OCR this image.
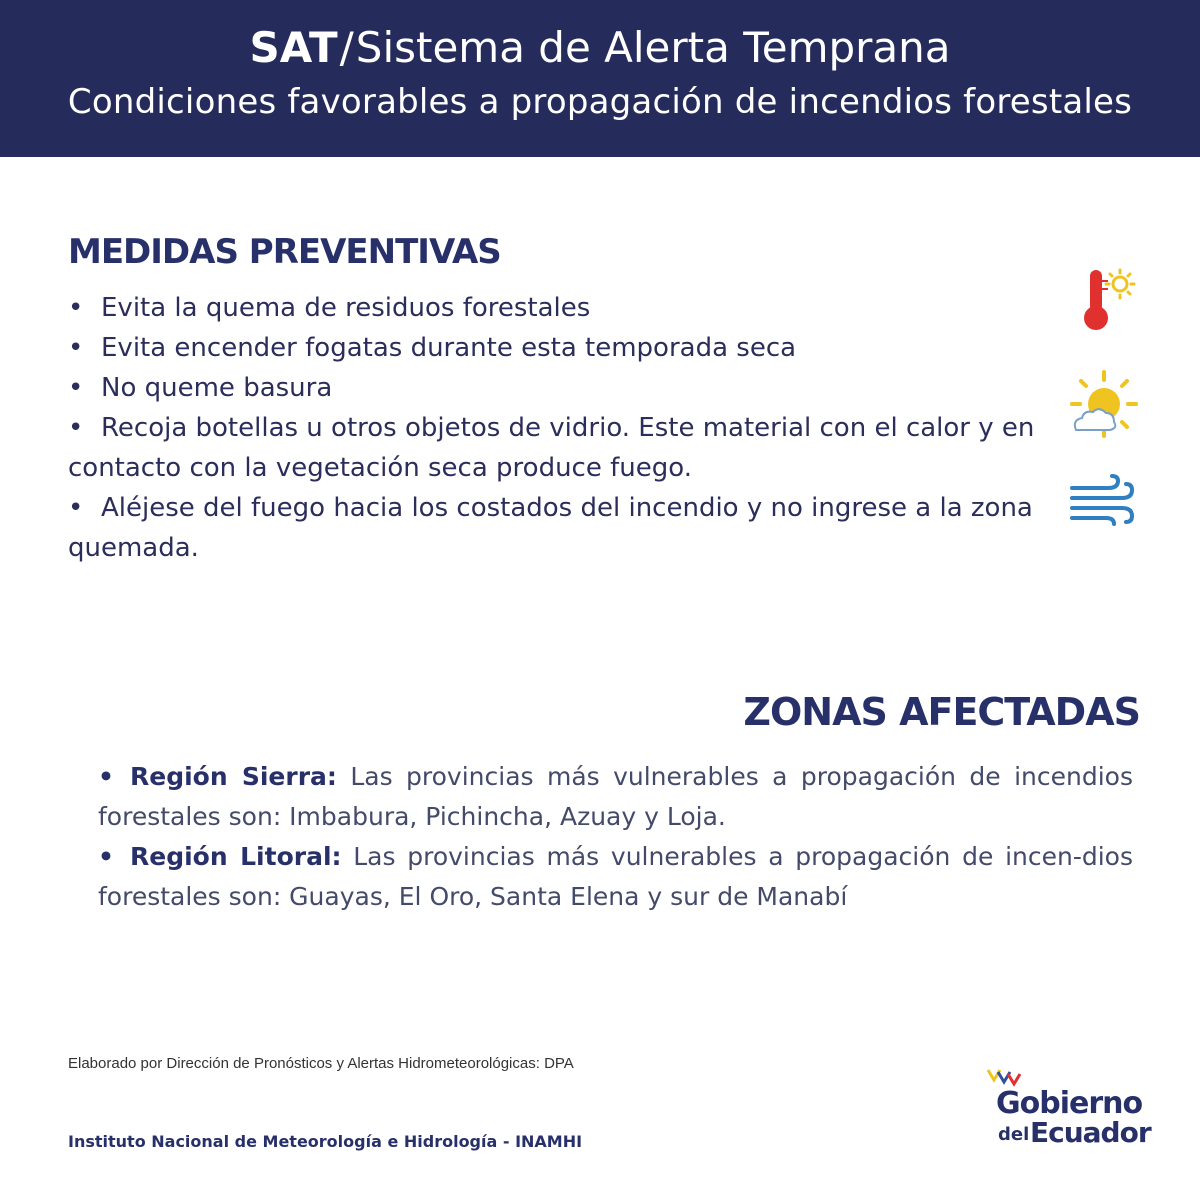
SAT/Sistema de Alerta Temprana
Condiciones favorables a propagación de incendios forestales
MEDIDAS PREVENTIVAS

• Evita la quema de residuos forestales

• Evita encender fogatas durante esta temporada seca

• No queme basura

• Recoja botellas u otros objetos de vidrio. Este material con el calor y en contacto con la vegetación seca produce fuego.

• Aléjese del fuego hacia los costados del incendio y no ingrese a la zona quemada.

ZONAS AFECTADAS

• Región Sierra: Las provincias más vulnerables a propagación de incendios forestales son: Imbabura, Pichincha, Azuay y Loja.

• Región Litoral: Las provincias más vulnerables a propagación de incen-dios forestales son: Guayas, El Oro, Santa Elena y sur de Manabí

Elaborado por Dirección de Pronósticos y Alertas Hidrometeorológicas: DPA
Instituto Nacional de Meteorología e Hidrología - INAMHI
Gobierno
del Ecuador
